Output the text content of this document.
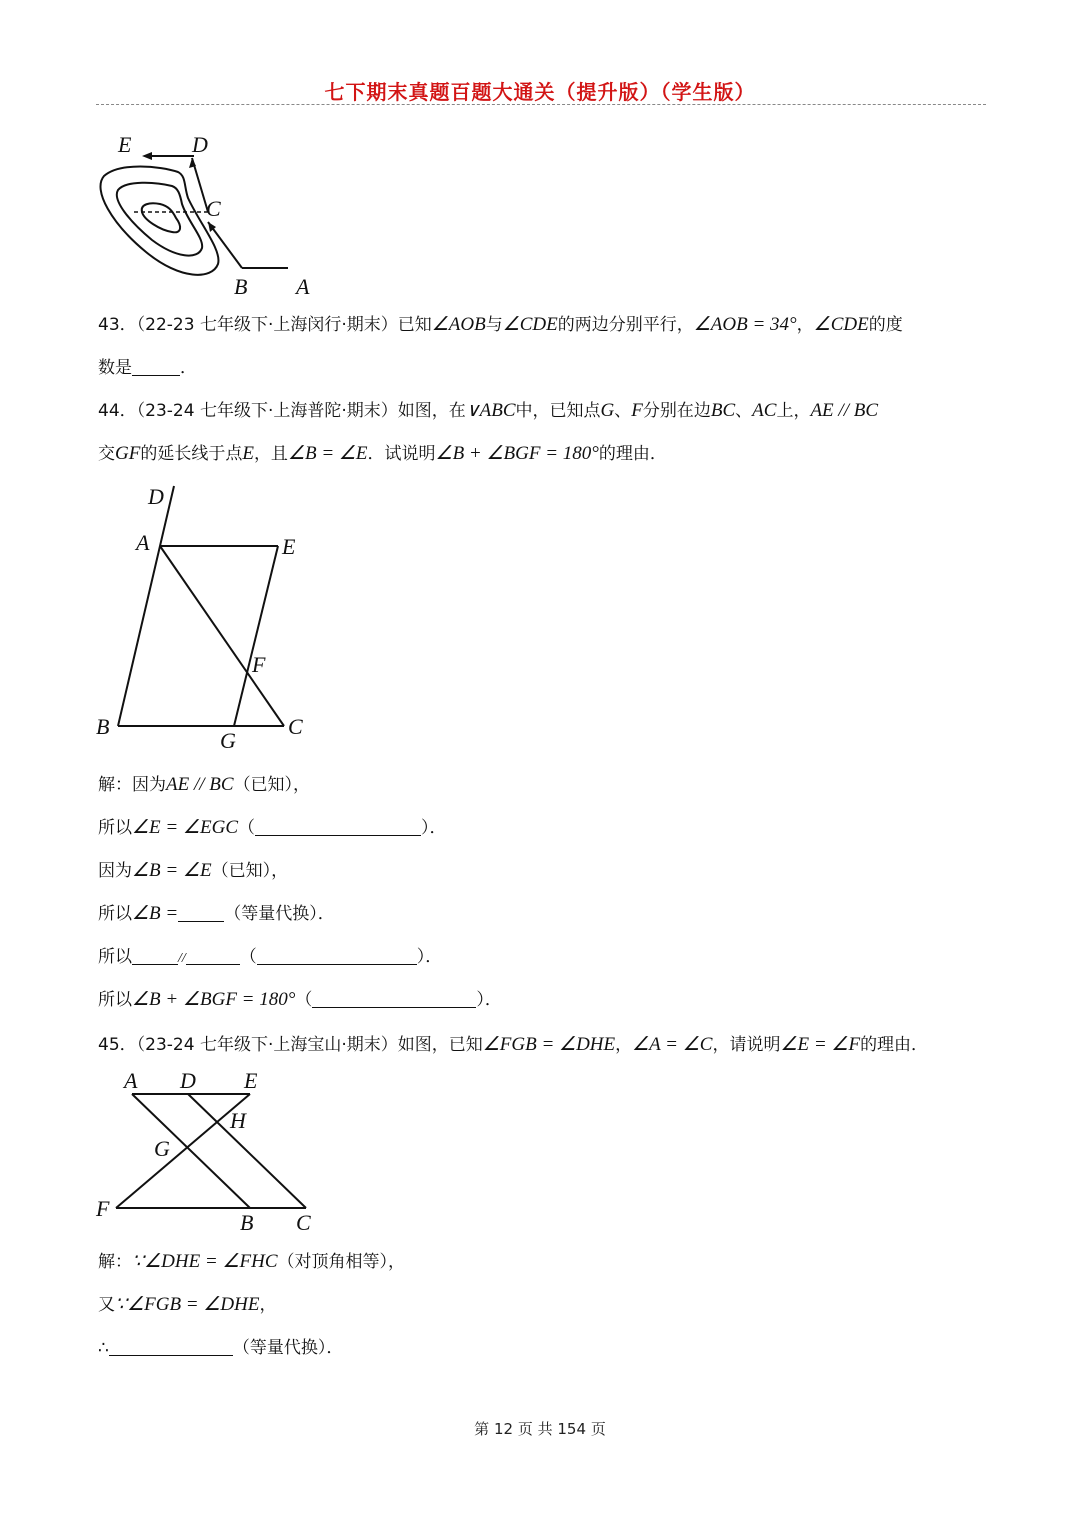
七下期末真题百题大通关（提升版）（学生版）
E	D
C
B A
43．（22-23 七年级下·上海闵行·期末）已知∠AOB与∠CDE的两边分别平行，∠AOB = 34°，∠CDE的度
数是	．
44．（23-24 七年级下·上海普陀·期末）如图，在∨ABC中，已知点G、F分别在边BC、AC上，AE // BC
交GF的延长线于点E，且∠B = ∠E．试说明∠B + ∠BGF = 180°的理由．
D
A	E
F
B
G
C
解：因为AE // BC（已知），
所以∠E = ∠EGC（	）．
因为∠B = ∠E（已知），
所以∠B =	（等量代换）．
所以	//	（	）．
所以∠B + ∠BGF = 180°（	）．
45．（23-24 七年级下·上海宝山·期末）如图，已知∠FGB = ∠DHE，∠A = ∠C，请说明∠E = ∠F的理由．
A D E
H
G
F
B C
解：∵∠DHE = ∠FHC（对顶角相等），
又∵∠FGB = ∠DHE，
∴	（等量代换）．
第 12 页 共 154 页
